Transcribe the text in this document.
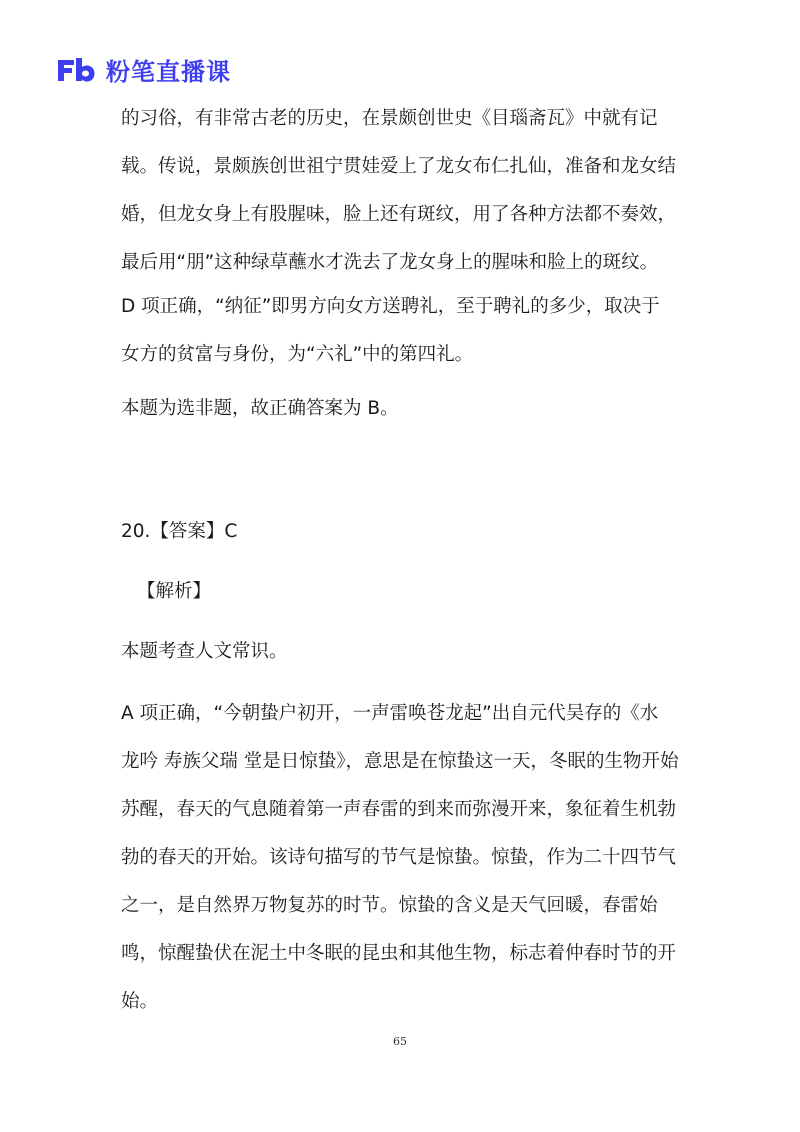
粉笔直播课
的习俗，有非常古老的历史，在景颇创世史《目瑙斋瓦》中就有记
载。传说，景颇族创世祖宁贯娃爱上了龙女布仁扎仙，准备和龙女结
婚，但龙女身上有股腥味，脸上还有斑纹，用了各种方法都不奏效，
最后用“朋”这种绿草蘸水才洗去了龙女身上的腥味和脸上的斑纹。
D 项正确，“纳征”即男方向女方送聘礼，至于聘礼的多少，取决于
女方的贫富与身份，为“六礼”中的第四礼。
本题为选非题，故正确答案为 B。
20.【答案】C
【解析】
本题考查人文常识。
A 项正确，“今朝蛰户初开，一声雷唤苍龙起”出自元代吴存的《水
龙吟 寿族父瑞 堂是日惊蛰》，意思是在惊蛰这一天，冬眠的生物开始
苏醒，春天的气息随着第一声春雷的到来而弥漫开来，象征着生机勃
勃的春天的开始。该诗句描写的节气是惊蛰。惊蛰，作为二十四节气
之一，是自然界万物复苏的时节。惊蛰的含义是天气回暖，春雷始
鸣，惊醒蛰伏在泥土中冬眠的昆虫和其他生物，标志着仲春时节的开
始。
65
